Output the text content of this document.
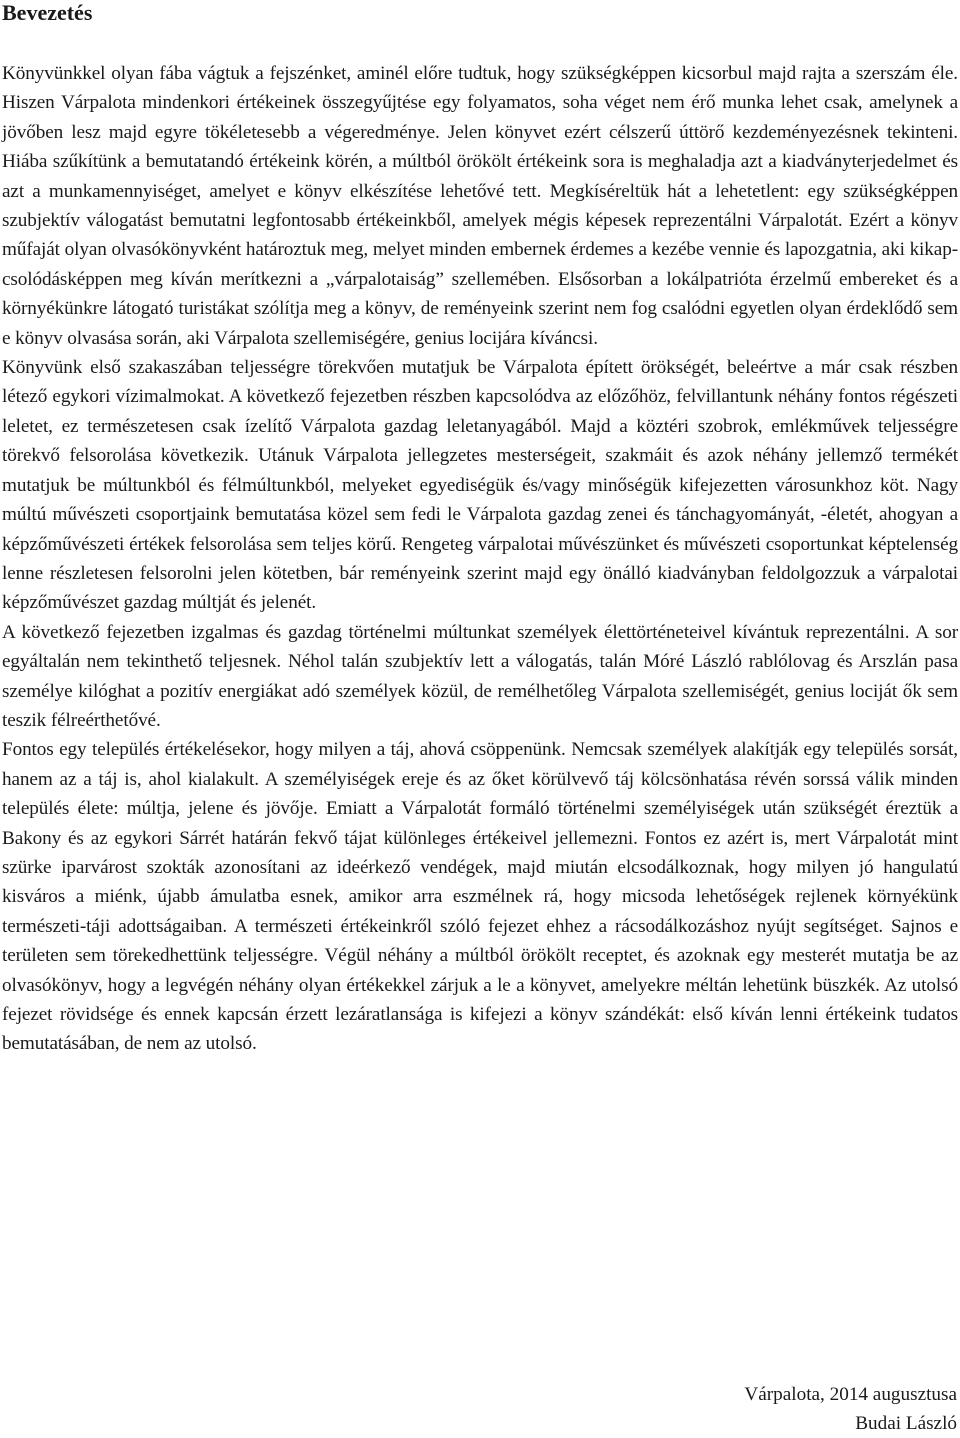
Bevezetés

Könyvünkkel olyan fába vágtuk a fejszénket, aminél előre tudtuk, hogy szükségképpen kicsorbul majd rajta a szerszám éle. Hiszen Várpalota mindenkori értékeinek összegyűjtése egy folyamatos, soha véget nem érő munka lehet csak, amelynek a jövőben lesz majd egyre tökéletesebb a végeredménye. Jelen könyvet ezért célszerű úttörő kezdeményezésnek tekinteni. Hiába szűkítünk a bemutatandó értékeink körén, a múltból örökölt értékeink sora is meghaladja azt a kiadványterjedelmet és azt a munkamennyiséget, amelyet e könyv elkészítése lehetővé tett. Megkíséreltük hát a lehetetlent: egy szükségképpen szubjektív válogatást bemutatni legfontosabb értékeinkből, amelyek mégis képesek reprezentálni Várpalotát. Ezért a könyv műfaját olyan olvasókönyvként határoztuk meg, melyet minden embernek érdemes a kezébe vennie és lapozgatnia, aki kikap-csolódásképpen meg kíván merítkezni a „várpalotaiság” szellemében. Elsősorban a lokálpatrióta érzelmű embereket és a környékünkre látogató turistákat szólítja meg a könyv, de reményeink szerint nem fog csalódni egyetlen olyan érdeklődő sem e könyv olvasása során, aki Várpalota szellemiségére, genius locijára kíváncsi.

Könyvünk első szakaszában teljességre törekvően mutatjuk be Várpalota épített örökségét, beleértve a már csak részben létező egykori vízimalmokat. A következő fejezetben részben kapcsolódva az előzőhöz, felvillantunk néhány fontos régészeti leletet, ez természetesen csak ízelítő Várpalota gazdag leletanyagából. Majd a köztéri szobrok, emlékművek teljességre törekvő felsorolása következik. Utánuk Várpalota jellegzetes mesterségeit, szakmáit és azok néhány jellemző termékét mutatjuk be múltunkból és félmúltunkból, melyeket egyediségük és/vagy minőségük kifejezetten városunkhoz köt. Nagy múltú művészeti csoportjaink bemutatása közel sem fedi le Várpalota gazdag zenei és tánchagyományát, -életét, ahogyan a képzőművészeti értékek felsorolása sem teljes körű. Rengeteg várpalotai művészünket és művészeti csoportunkat képtelenség lenne részletesen felsorolni jelen kötetben, bár reményeink szerint majd egy önálló kiadványban feldolgozzuk a várpalotai képzőművészet gazdag múltját és jelenét.

A következő fejezetben izgalmas és gazdag történelmi múltunkat személyek élettörténeteivel kívántuk reprezentálni. A sor egyáltalán nem tekinthető teljesnek. Néhol talán szubjektív lett a válogatás, talán Móré László rablólovag és Arszlán pasa személye kilóghat a pozitív energiákat adó személyek közül, de remélhetőleg Várpalota szellemiségét, genius lociját ők sem teszik félreérthetővé.

Fontos egy település értékelésekor, hogy milyen a táj, ahová csöppenünk. Nemcsak személyek alakítják egy település sorsát, hanem az a táj is, ahol kialakult. A személyiségek ereje és az őket körülvevő táj kölcsönhatása révén sorssá válik minden település élete: múltja, jelene és jövője. Emiatt a Várpalotát formáló történelmi személyiségek után szükségét éreztük a Bakony és az egykori Sárrét határán fekvő tájat különleges értékeivel jellemezni. Fontos ez azért is, mert Várpalotát mint szürke iparvárost szokták azonosítani az ideérkező vendégek, majd miután elcsodálkoznak, hogy milyen jó hangulatú kisváros a miénk, újabb ámulatba esnek, amikor arra eszmélnek rá, hogy micsoda lehetőségek rejlenek környékünk természeti-táji adottságaiban. A természeti értékeinkről szóló fejezet ehhez a rácsodálkozáshoz nyújt segítséget. Sajnos e területen sem törekedhettünk teljességre. Végül néhány a múltból örökölt receptet, és azoknak egy mesterét mutatja be az olvasókönyv, hogy a legvégén néhány olyan értékekkel zárjuk a le a könyvet, amelyekre méltán lehetünk büszkék. Az utolsó fejezet rövidsége és ennek kapcsán érzett lezáratlansága is kifejezi a könyv szándékát: első kíván lenni értékeink tudatos bemutatásában, de nem az utolsó.

Várpalota, 2014 augusztusa
Budai László
